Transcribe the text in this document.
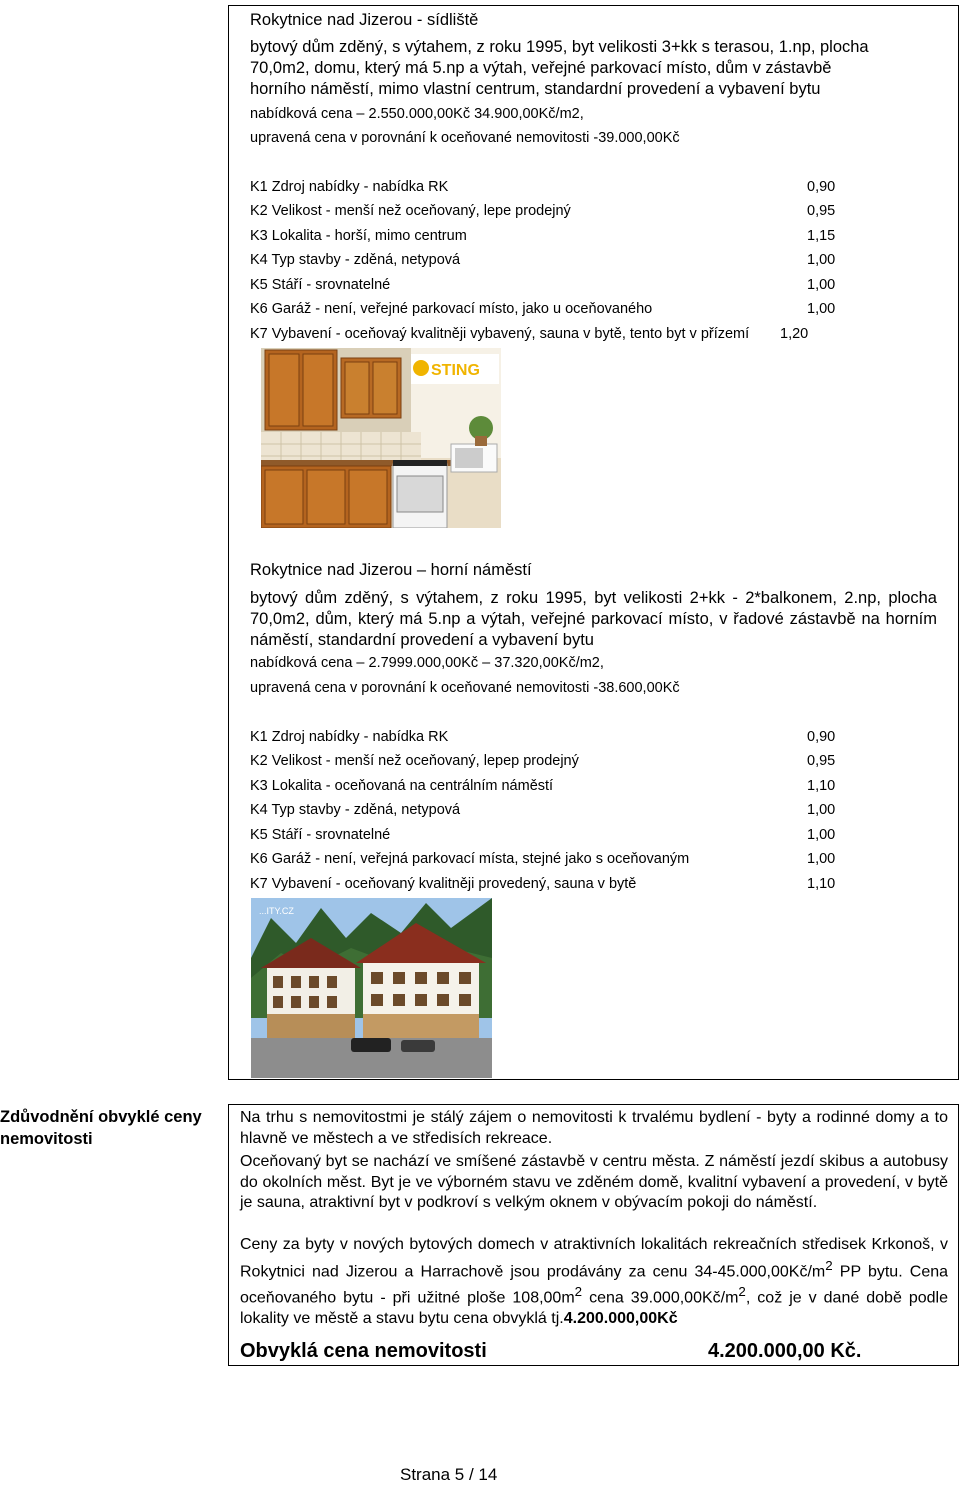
Rokytnice nad Jizerou - sídliště
bytový dům zděný, s výtahem, z roku 1995, byt velikosti 3+kk s terasou, 1.np, plocha
70,0m2, domu, který má 5.np a výtah, veřejné parkovací místo, dům v zástavbě
horního náměstí, mimo vlastní centrum, standardní provedení a vybavení bytu
nabídková cena – 2.550.000,00Kč 34.900,00Kč/m2,
upravená cena v porovnání k oceňované nemovitosti -39.000,00Kč
K1 Zdroj nabídky - nabídka RK	0,90
K2 Velikost - menší než oceňovaný, lepe prodejný	0,95
K3 Lokalita - horší, mimo centrum	1,15
K4 Typ stavby - zděná, netypová	1,00
K5 Stáří - srovnatelné	1,00
K6 Garáž - není, veřejné parkovací místo, jako u oceňovaného	1,00
K7 Vybavení - oceňovaý kvalitněji vybavený, sauna v bytě, tento byt v přízemí 1,20
STING
Rokytnice nad Jizerou – horní náměstí
bytový dům zděný, s výtahem, z roku 1995, byt velikosti 2+kk - 2*balkonem, 2.np, plocha 70,0m2, dům, který má 5.np a výtah, veřejné parkovací místo, v řadové zástavbě na horním náměstí, standardní provedení a vybavení bytu
nabídková cena – 2.7999.000,00Kč – 37.320,00Kč/m2,
upravená cena v porovnání k oceňované nemovitosti -38.600,00Kč
K1 Zdroj nabídky - nabídka RK	0,90
K2 Velikost - menší než oceňovaný, lepep prodejný	0,95
K3 Lokalita - oceňovaná na centrálním náměstí	1,10
K4 Typ stavby - zděná, netypová	1,00
K5 Stáří - srovnatelné	1,00
K6 Garáž - není, veřejná parkovací místa, stejné jako s oceňovaným	1,00
K7 Vybavení - oceňovaný kvalitněji provedený, sauna v bytě	1,10
...ITY.CZ
Zdůvodnění obvyklé ceny nemovitosti
Na trhu s nemovitostmi je stálý zájem o nemovitosti k trvalému bydlení - byty a rodinné domy a to hlavně ve městech a ve středisích rekreace.
Oceňovaný byt se nachází ve smíšené zástavbě v centru města. Z náměstí jezdí skibus a autobusy do okolních měst. Byt je ve výborném stavu ve zděném domě, kvalitní vybavení a provedení, v bytě je sauna, atraktivní byt v podkroví s velkým oknem v obývacím pokoji do náměstí.
Ceny za byty v nových bytových domech v atraktivních lokalitách rekreačních středisek Krkonoš, v Rokytnici nad Jizerou a Harrachově jsou prodávány za cenu $34-45.000,00Kč/m^2$ PP bytu. Cena oceňovaného bytu - při užitné ploše $108,00m^2$ cena $39.000,00Kč/m^2$, což je v dané době podle lokality ve městě a stavu bytu cena obvyklá tj.4.200.000,00Kč
Obvyklá cena nemovitosti	4.200.000,00 Kč.
Strana 5 / 14
